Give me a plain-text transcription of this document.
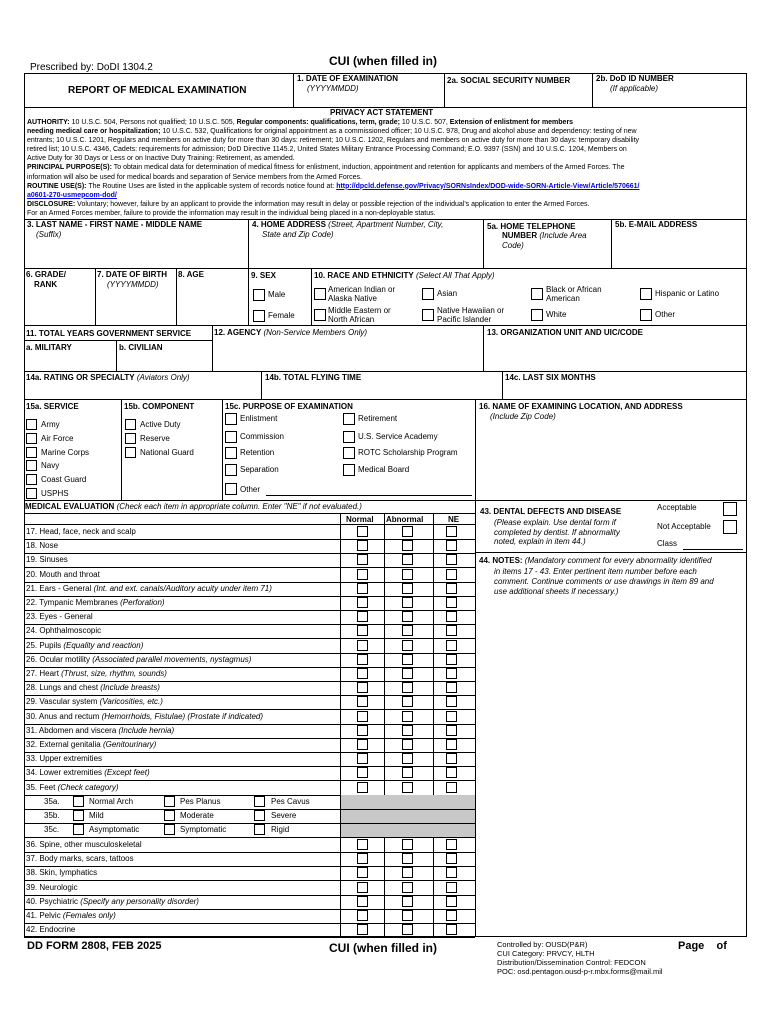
Prescribed by: DoDI 1304.2	CUI (when filled in)
REPORT OF MEDICAL EXAMINATION
1. DATE OF EXAMINATION
(YYYYMMDD)
2a. SOCIAL SECURITY NUMBER	2b. DoD ID NUMBER
(If applicable)
PRIVACY ACT STATEMENT
AUTHORITY: 10 U.S.C. 504, Persons not qualified; 10 U.S.C. 505, Regular components: qualifications, term, grade; 10 U.S.C. 507, Extension of enlistment for members
needing medical care or hospitalization; 10 U.S.C. 532, Qualifications for original appointment as a commissioned officer; 10 U.S.C. 978, Drug and alcohol abuse and dependency: testing of new
entrants; 10 U.S.C. 1201, Regulars and members on active duty for more than 30 days: retirement; 10 U.S.C. 1202, Regulars and members on active duty for more than 30 days: temporary disability
retired list; 10 U.S.C. 4346, Cadets: requirements for admission; DoD Directive 1145.2, United States Military Entrance Processing Command; E.O. 9397 (SSN) and 10 U.S.C. 1204, Members on
Active Duty for 30 Days or Less or on Inactive Duty Training: Retirement, as amended.
PRINCIPAL PURPOSE(S): To obtain medical data for determination of medical fitness for enlistment, induction, appointment and retention for applicants and members of the Armed Forces. The
information will also be used for medical boards and separation of Service members from the Armed Forces.
ROUTINE USE(S): The Routine Uses are listed in the applicable system of records notice found at: http://dpcld.defense.gov/Privacy/SORNsIndex/DOD-wide-SORN-Article-View/Article/570661/
a0601-270-usmepcom-dod/
DISCLOSURE: Voluntary; however, failure by an applicant to provide the information may result in delay or possible rejection of the individual's application to enter the Armed Forces.
For an Armed Forces member, failure to provide the information may result in the individual being placed in a non-deployable status.
3. LAST NAME - FIRST NAME - MIDDLE NAME
(Suffix)
4. HOME ADDRESS (Street, Apartment Number, City,
State and Zip Code)
5a. HOME TELEPHONE
NUMBER (Include Area
Code)
5b. E-MAIL ADDRESS
6. GRADE/
RANK
7. DATE OF BIRTH
(YYYYMMDD)
8. AGE	9. SEX
Male
Female
10. RACE AND ETHNICITY (Select All That Apply)
American Indian or
Alaska Native
Asian	Black or African
American
Hispanic or Latino
Middle Eastern or
North African
Native Hawaiian or
Pacific Islander
White	Other
11. TOTAL YEARS GOVERNMENT SERVICE
a. MILITARY	b. CIVILIAN
12. AGENCY (Non-Service Members Only)	13. ORGANIZATION UNIT AND UIC/CODE
14a. RATING OR SPECIALTY (Aviators Only)	14b. TOTAL FLYING TIME	14c. LAST SIX MONTHS
15a. SERVICE
Army
Air Force
Marine Corps
Navy
Coast Guard
USPHS
15b. COMPONENT
Active Duty
Reserve
National Guard
15c. PURPOSE OF EXAMINATION
Enlistment
Commission
Retention
Separation
Other
Retirement
U.S. Service Academy
ROTC Scholarship Program
Medical Board
16. NAME OF EXAMINING LOCATION, AND ADDRESS
(Include Zip Code)
MEDICAL EVALUATION (Check each item in appropriate column. Enter "NE" if not evaluated.)
Normal Abnormal	NE
17. Head, face, neck and scalp
18. Nose
19. Sinuses
20. Mouth and throat
21. Ears - General (Int. and ext. canals/Auditory acuity under item 71)
22. Tympanic Membranes (Perforation)
23. Eyes - General
24. Ophthalmoscopic
25. Pupils (Equality and reaction)
26. Ocular motility (Associated parallel movements, nystagmus)
27. Heart (Thrust, size, rhythm, sounds)
28. Lungs and chest (Include breasts)
29. Vascular system (Varicosities, etc.)
30. Anus and rectum (Hemorrhoids, Fistulae) (Prostate if indicated)
31. Abdomen and viscera (Include hernia)
32. External genitalia (Genitourinary)
33. Upper extremities
34. Lower extremities (Except feet)
35. Feet (Check category)
35a.	Normal Arch	Pes Planus	Pes Cavus
35b.	Mild	Moderate	Severe
35c.	Asymptomatic	Symptomatic	Rigid
36. Spine, other musculoskeletal
37. Body marks, scars, tattoos
38. Skin, lymphatics
39. Neurologic
40. Psychiatric (Specify any personality disorder)
41. Pelvic (Females only)
42. Endocrine
43. DENTAL DEFECTS AND DISEASE
(Please explain. Use dental form if
completed by dentist. If abnormality
noted, explain in item 44.)
Acceptable
Not Acceptable
Class
44. NOTES: (Mandatory comment for every abnormality identified
in items 17 - 43. Enter pertinent item number before each
comment. Continue comments or use drawings in item 89 and
use additional sheets if necessary.)
DD FORM 2808, FEB 2025	CUI (when filled in)	Controlled by: OUSD(P&R)
CUI Category: PRVCY, HLTH
Distribution/Dissemination Control: FEDCON
POC: osd.pentagon.ousd-p-r.mbx.forms@mail.mil
Page    of
